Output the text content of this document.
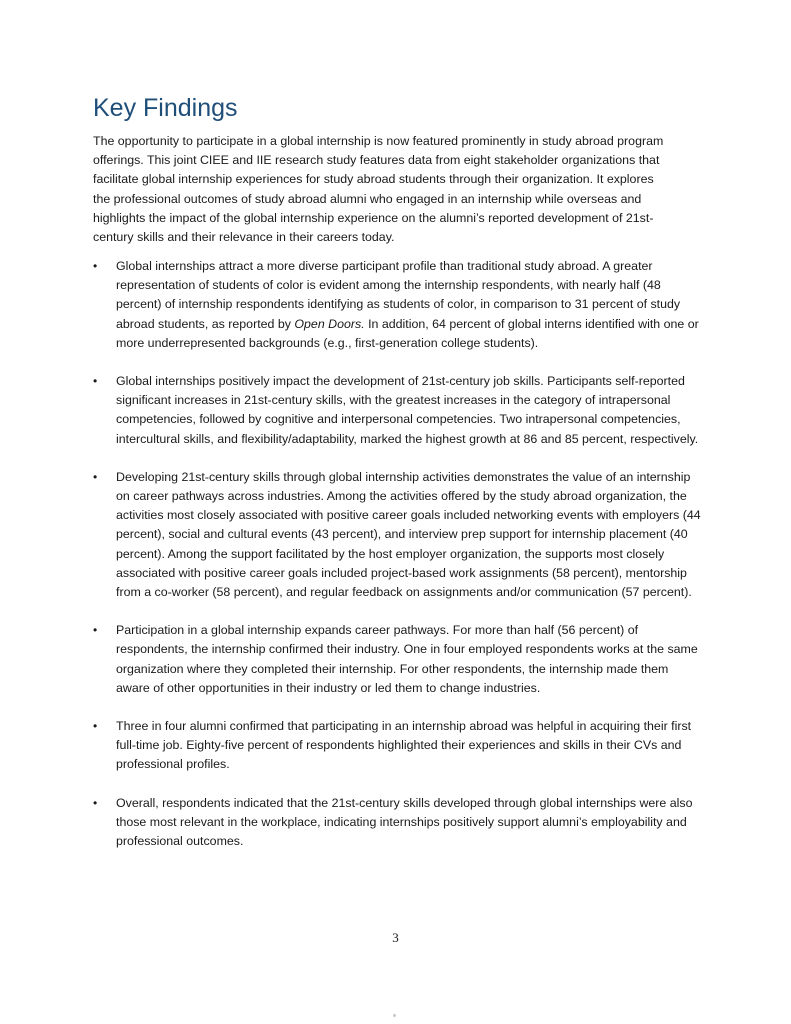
Key Findings

The opportunity to participate in a global internship is now featured prominently in study abroad program offerings. This joint CIEE and IIE research study features data from eight stakeholder organizations that facilitate global internship experiences for study abroad students through their organization. It explores the professional outcomes of study abroad alumni who engaged in an internship while overseas and highlights the impact of the global internship experience on the alumni’s reported development of 21st-century skills and their relevance in their careers today.

• Global internships attract a more diverse participant profile than traditional study abroad. A greater representation of students of color is evident among the internship respondents, with nearly half (48 percent) of internship respondents identifying as students of color, in comparison to 31 percent of study abroad students, as reported by Open Doors. In addition, 64 percent of global interns identified with one or more underrepresented backgrounds (e.g., first-generation college students).
• Global internships positively impact the development of 21st-century job skills. Participants self-reported significant increases in 21st-century skills, with the greatest increases in the category of intrapersonal competencies, followed by cognitive and interpersonal competencies. Two intrapersonal competencies, intercultural skills, and flexibility/adaptability, marked the highest growth at 86 and 85 percent, respectively.
• Developing 21st-century skills through global internship activities demonstrates the value of an internship on career pathways across industries. Among the activities offered by the study abroad organization, the activities most closely associated with positive career goals included networking events with employers (44 percent), social and cultural events (43 percent), and interview prep support for internship placement (40 percent). Among the support facilitated by the host employer organization, the supports most closely associated with positive career goals included project-based work assignments (58 percent), mentorship from a co-worker (58 percent), and regular feedback on assignments and/or communication (57 percent).
• Participation in a global internship expands career pathways. For more than half (56 percent) of respondents, the internship confirmed their industry. One in four employed respondents works at the same organization where they completed their internship. For other respondents, the internship made them aware of other opportunities in their industry or led them to change industries.
• Three in four alumni confirmed that participating in an internship abroad was helpful in acquiring their first full-time job. Eighty-five percent of respondents highlighted their experiences and skills in their CVs and professional profiles.
• Overall, respondents indicated that the 21st-century skills developed through global internships were also those most relevant in the workplace, indicating internships positively support alumni’s employability and professional outcomes.
3
